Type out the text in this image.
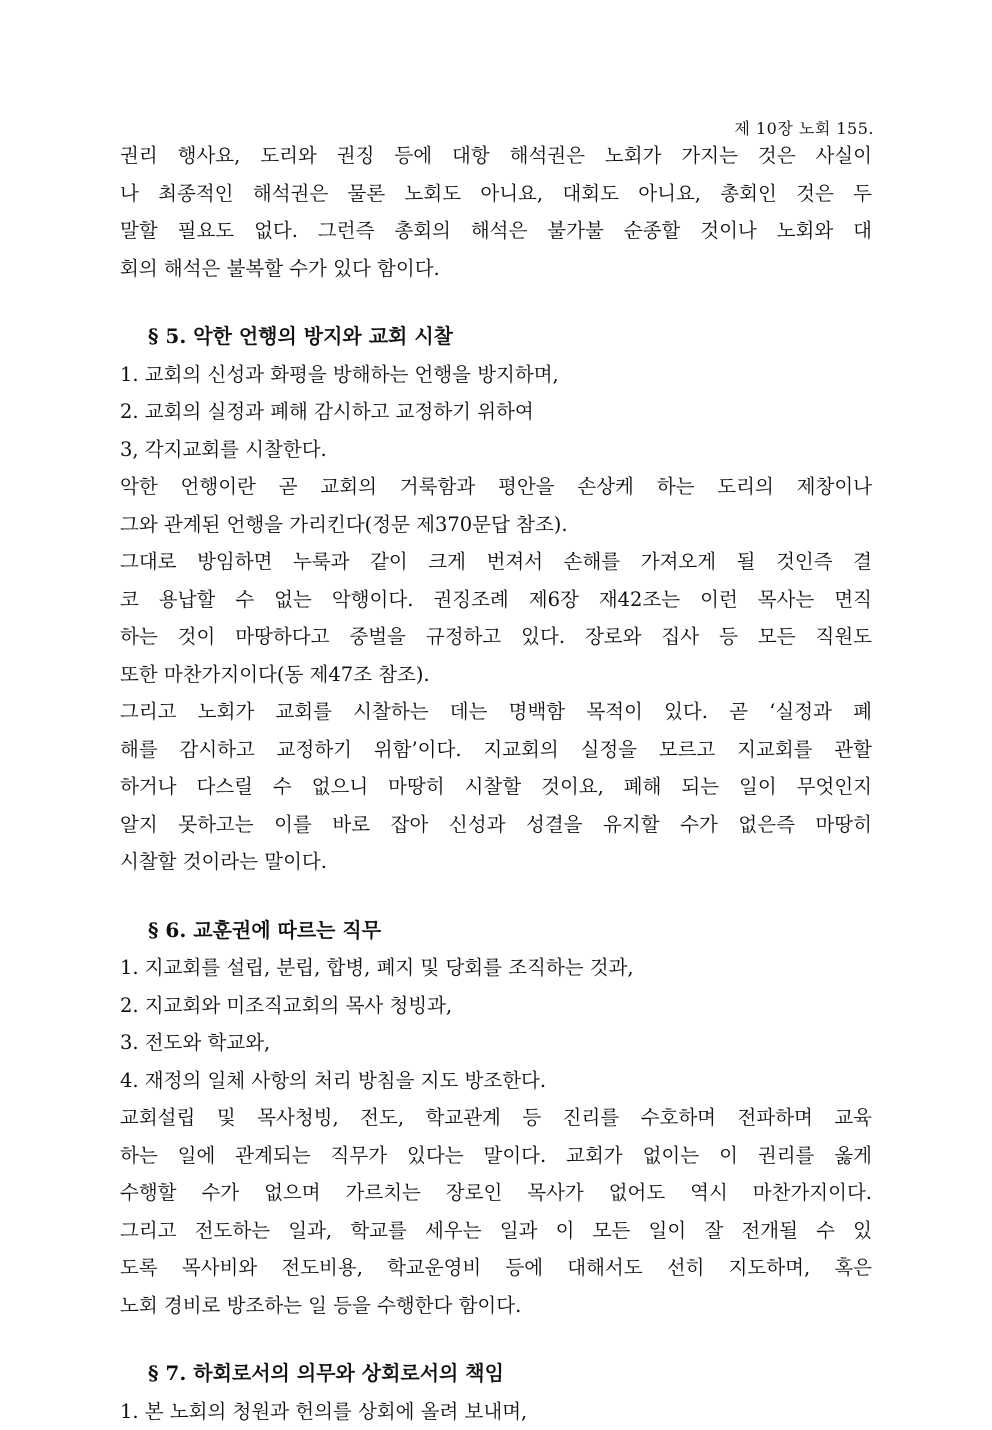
제 10장 노회 155.
권리 행사요, 도리와 권징 등에 대항 해석권은 노회가 가지는 것은 사실이
나 최종적인 해석권은 물론 노회도 아니요, 대회도 아니요, 총회인 것은 두
말할 필요도 없다. 그런즉 총회의 해석은 불가불 순종할 것이나 노회와 대
회의 해석은 불복할 수가 있다 함이다.
§ 5. 악한 언행의 방지와 교회 시찰
1. 교회의 신성과 화평을 방해하는 언행을 방지하며,
2. 교회의 실정과 폐해 감시하고 교정하기 위하여
3, 각지교회를 시찰한다.
악한 언행이란 곧 교회의 거룩함과 평안을 손상케 하는 도리의 제창이나
그와 관계된 언행을 가리킨다(정문 제370문답 참조).
그대로 방임하면 누룩과 같이 크게 번져서 손해를 가져오게 될 것인즉 결
코 용납할 수 없는 악행이다. 권징조례 제6장 재42조는 이런 목사는 면직
하는 것이 마땅하다고 중벌을 규정하고 있다. 장로와 집사 등 모든 직원도
또한 마찬가지이다(동 제47조 참조).
그리고 노회가 교회를 시찰하는 데는 명백함 목적이 있다. 곧 ‘실정과 폐
해를 감시하고 교정하기 위함’이다. 지교회의 실정을 모르고 지교회를 관할
하거나 다스릴 수 없으니 마땅히 시찰할 것이요, 폐해 되는 일이 무엇인지
알지 못하고는 이를 바로 잡아 신성과 성결을 유지할 수가 없은즉 마땅히
시찰할 것이라는 말이다.
§ 6. 교훈권에 따르는 직무
1. 지교회를 설립, 분립, 합병, 폐지 및 당회를 조직하는 것과,
2. 지교회와 미조직교회의 목사 청빙과,
3. 전도와 학교와,
4. 재정의 일체 사항의 처리 방침을 지도 방조한다.
교회설립 및 목사청빙, 전도, 학교관계 등 진리를 수호하며 전파하며 교육
하는 일에 관계되는 직무가 있다는 말이다. 교회가 없이는 이 권리를 옳게
수행할 수가 없으며 가르치는 장로인 목사가 없어도 역시 마찬가지이다.
그리고 전도하는 일과, 학교를 세우는 일과 이 모든 일이 잘 전개될 수 있
도록 목사비와 전도비용, 학교운영비 등에 대해서도 선히 지도하며, 혹은
노회 경비로 방조하는 일 등을 수행한다 함이다.
§ 7. 하회로서의 의무와 상회로서의 책임
1. 본 노회의 청원과 헌의를 상회에 올려 보내며,
